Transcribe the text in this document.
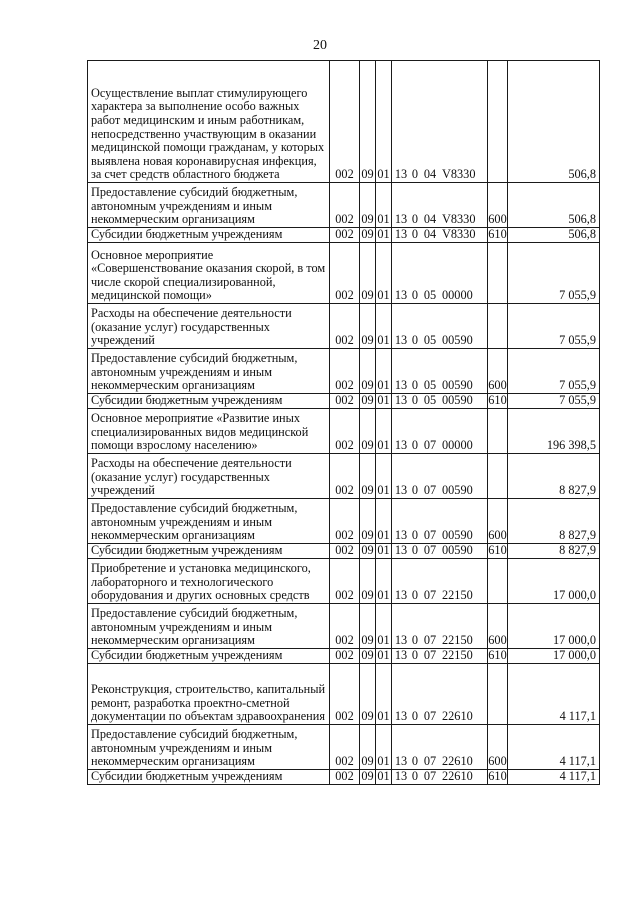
20
Осуществление выплат стимулирующего характера за выполнение особо важных работ медицинским и иным работникам, непосредственно участвующим в оказании медицинской помощи гражданам, у которых выявлена новая коронавирусная инфекция, за счет средств областного бюджета	002	09	01	13 0 04 V8330		506,8
Предоставление субсидий бюджетным, автономным учреждениям и иным некоммерческим организациям	002	09	01	13 0 04 V8330	600	506,8
Субсидии бюджетным учреждениям	002	09	01	13 0 04 V8330	610	506,8
Основное мероприятие «Совершенствование оказания скорой, в том числе скорой специализированной, медицинской помощи»	002	09	01	13 0 05 00000		7 055,9
Расходы на обеспечение деятельности (оказание услуг) государственных учреждений	002	09	01	13 0 05 00590		7 055,9
Предоставление субсидий бюджетным, автономным учреждениям и иным некоммерческим организациям	002	09	01	13 0 05 00590	600	7 055,9
Субсидии бюджетным учреждениям	002	09	01	13 0 05 00590	610	7 055,9
Основное мероприятие «Развитие иных специализированных видов медицинской помощи взрослому населению»	002	09	01	13 0 07 00000		196 398,5
Расходы на обеспечение деятельности (оказание услуг) государственных учреждений	002	09	01	13 0 07 00590		8 827,9
Предоставление субсидий бюджетным, автономным учреждениям и иным некоммерческим организациям	002	09	01	13 0 07 00590	600	8 827,9
Субсидии бюджетным учреждениям	002	09	01	13 0 07 00590	610	8 827,9
Приобретение и установка медицинского, лабораторного и технологического оборудования и других основных средств	002	09	01	13 0 07 22150		17 000,0
Предоставление субсидий бюджетным, автономным учреждениям и иным некоммерческим организациям	002	09	01	13 0 07 22150	600	17 000,0
Субсидии бюджетным учреждениям	002	09	01	13 0 07 22150	610	17 000,0
Реконструкция, строительство, капитальный ремонт, разработка проектно-сметной документации по объектам здравоохранения	002	09	01	13 0 07 22610		4 117,1
Предоставление субсидий бюджетным, автономным учреждениям и иным некоммерческим организациям	002	09	01	13 0 07 22610	600	4 117,1
Субсидии бюджетным учреждениям	002	09	01	13 0 07 22610	610	4 117,1
